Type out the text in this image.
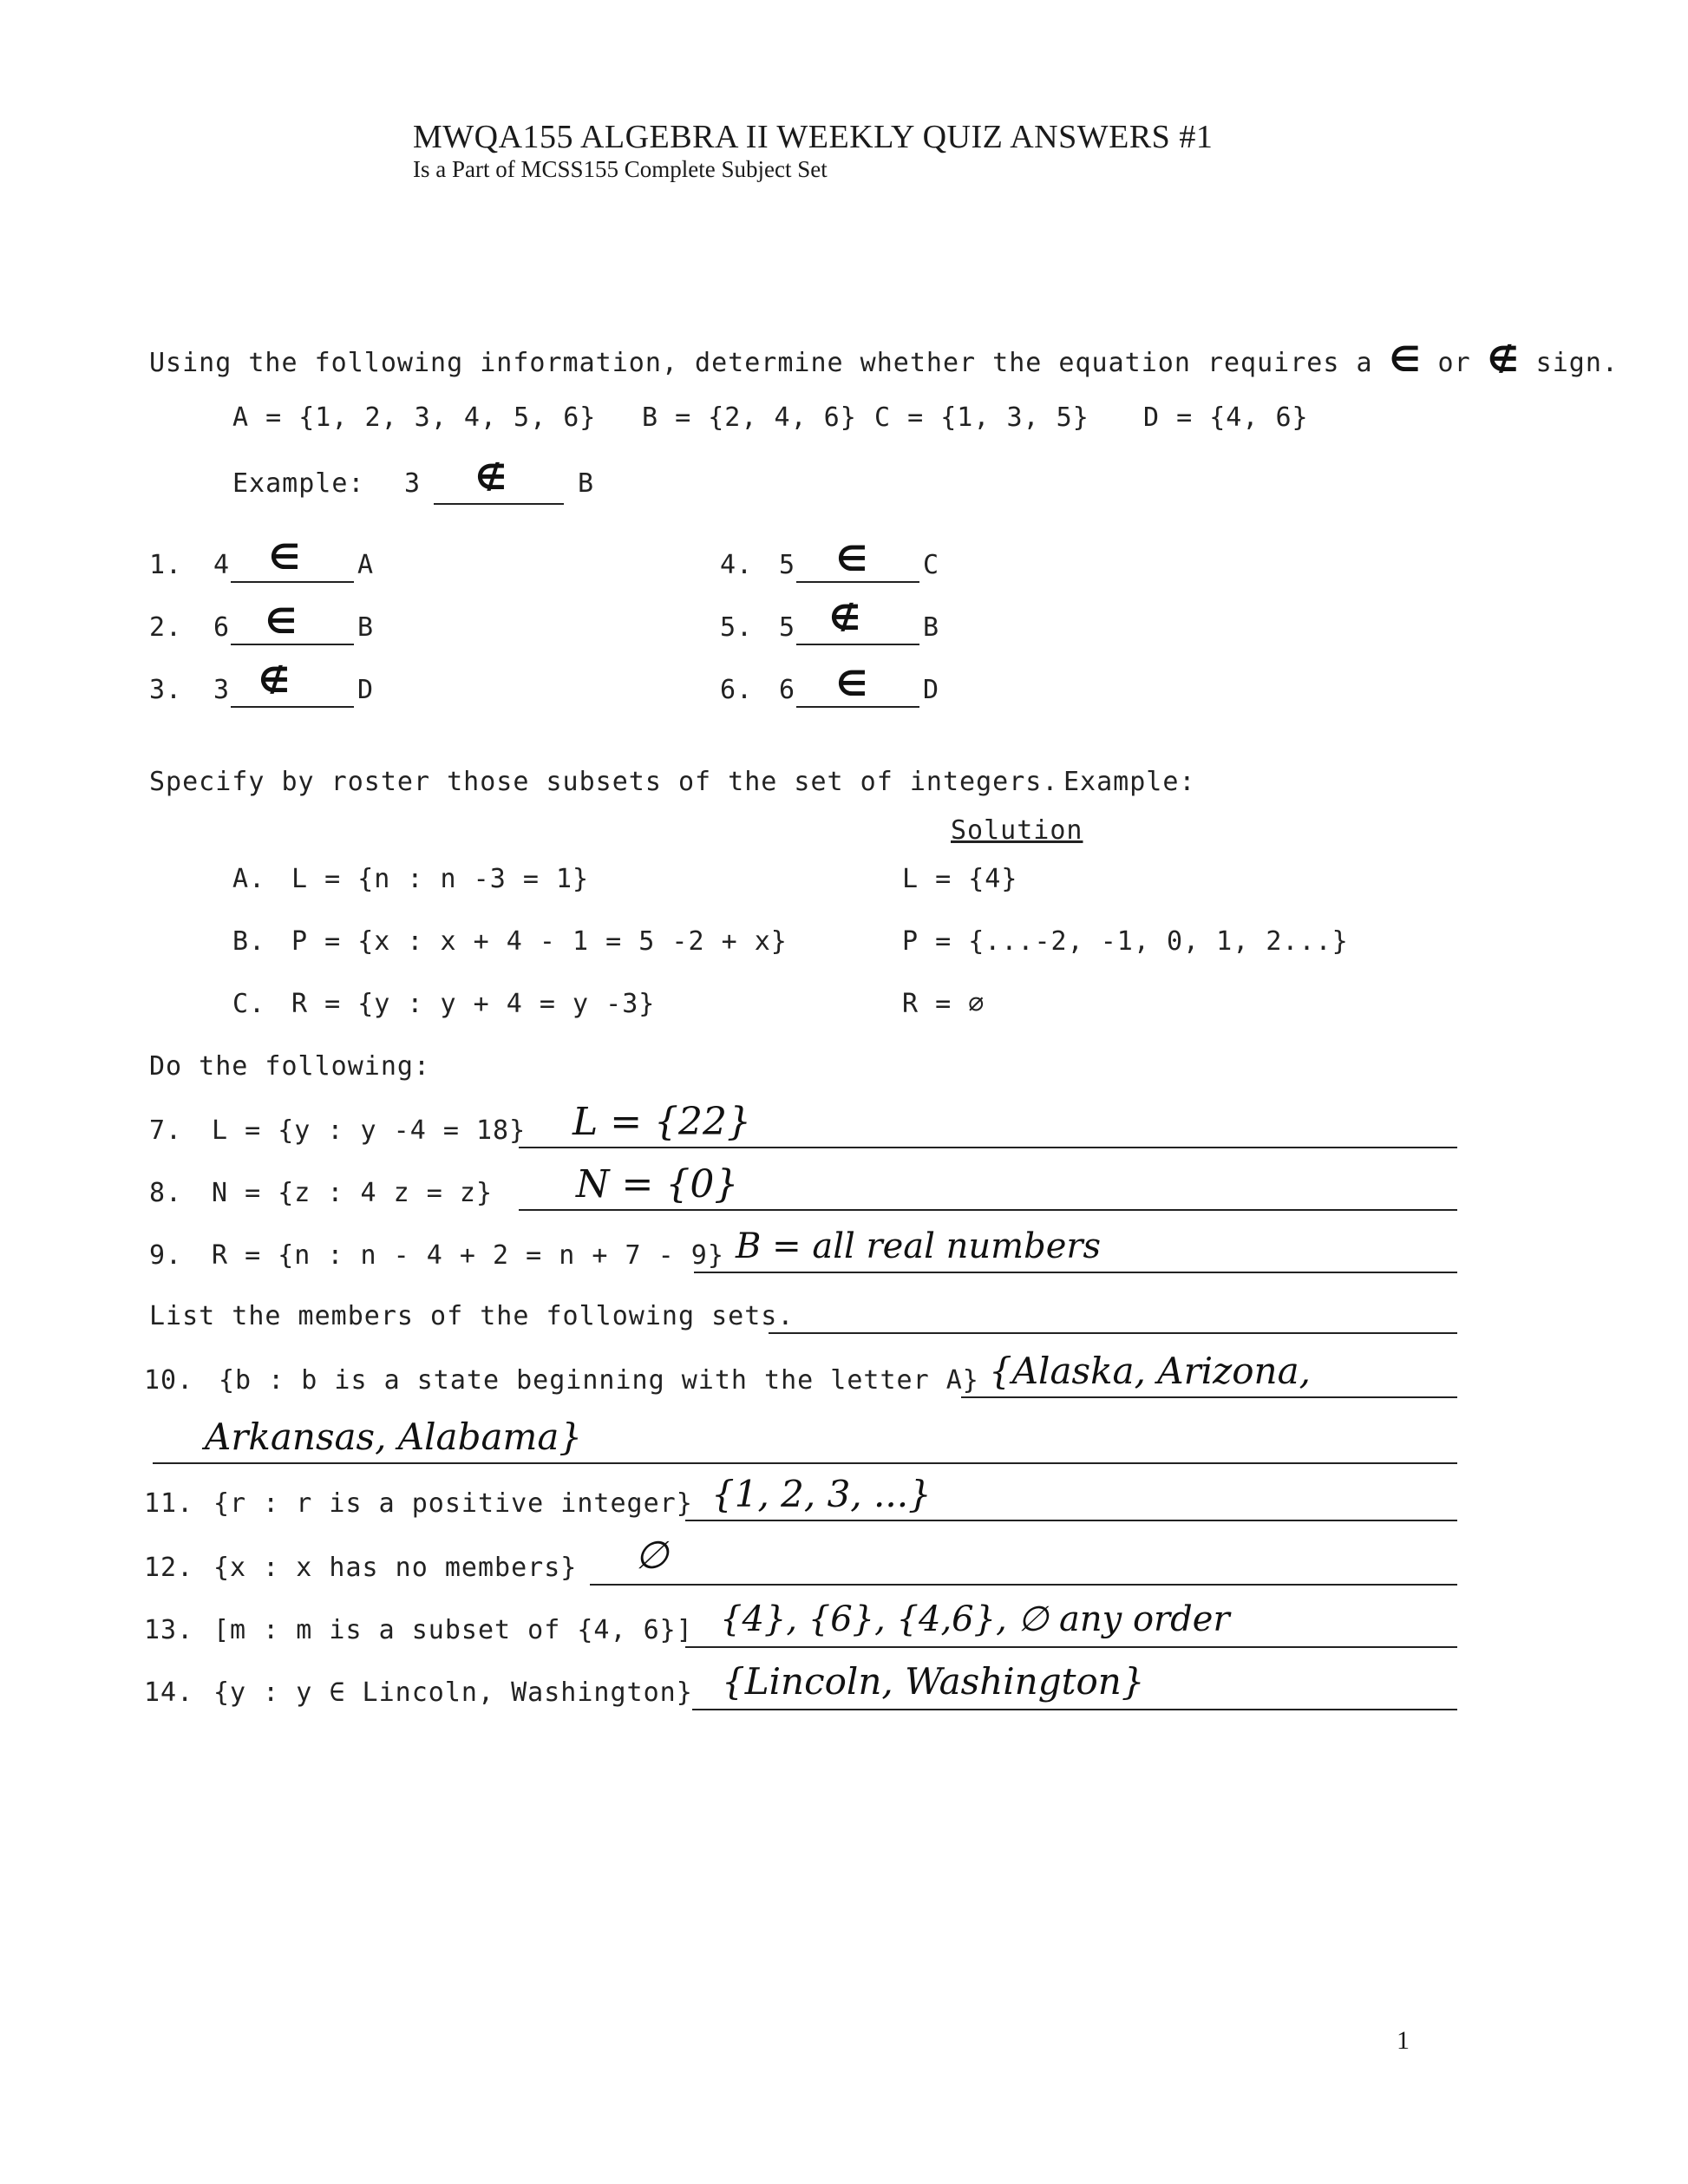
MWQA155 ALGEBRA II WEEKLY QUIZ ANSWERS #1
Is a Part of MCSS155 Complete Subject Set
Using the following information, determine whether the equation requires a ∈ or ∉ sign.
A = {1, 2, 3, 4, 5, 6} B = {2, 4, 6} C = {1, 3, 5} D = {4, 6}
Example: 3 ∉	B
1. 4 ∈ A
2. 6 ∈ B
3. 3 ∉	D
4. 5 ∈ C
5. 5 ∉ B
6. 6 ∈ D
Specify by roster those subsets of the set of integers. Example:
Solution
A. L = {n : n -3 = 1}	L = {4}
B. P = {x : x + 4 - 1 = 5 -2 + x}	P = {...-2, -1, 0, 1, 2...}
C. R = {y : y + 4 = y -3}	R = ∅
Do the following:
7. L = {y : y -4 = 18} L = {22}
8. N = {z : 4 z = z} N = {0}
9. R = {n : n - 4 + 2 = n + 7 - 9} B = all real numbers
List the members of the following sets.
10. {b : b is a state beginning with the letter A} {Alaska, Arizona,
Arkansas, Alabama}
11. {r : r is a positive integer} {1, 2, 3, ...}
12. {x : x has no members} ∅
13. [m : m is a subset of {4, 6}] {4}, {6}, {4,6}, ∅ any order
14. {y : y ∈ Lincoln, Washington} {Lincoln, Washington}
1
